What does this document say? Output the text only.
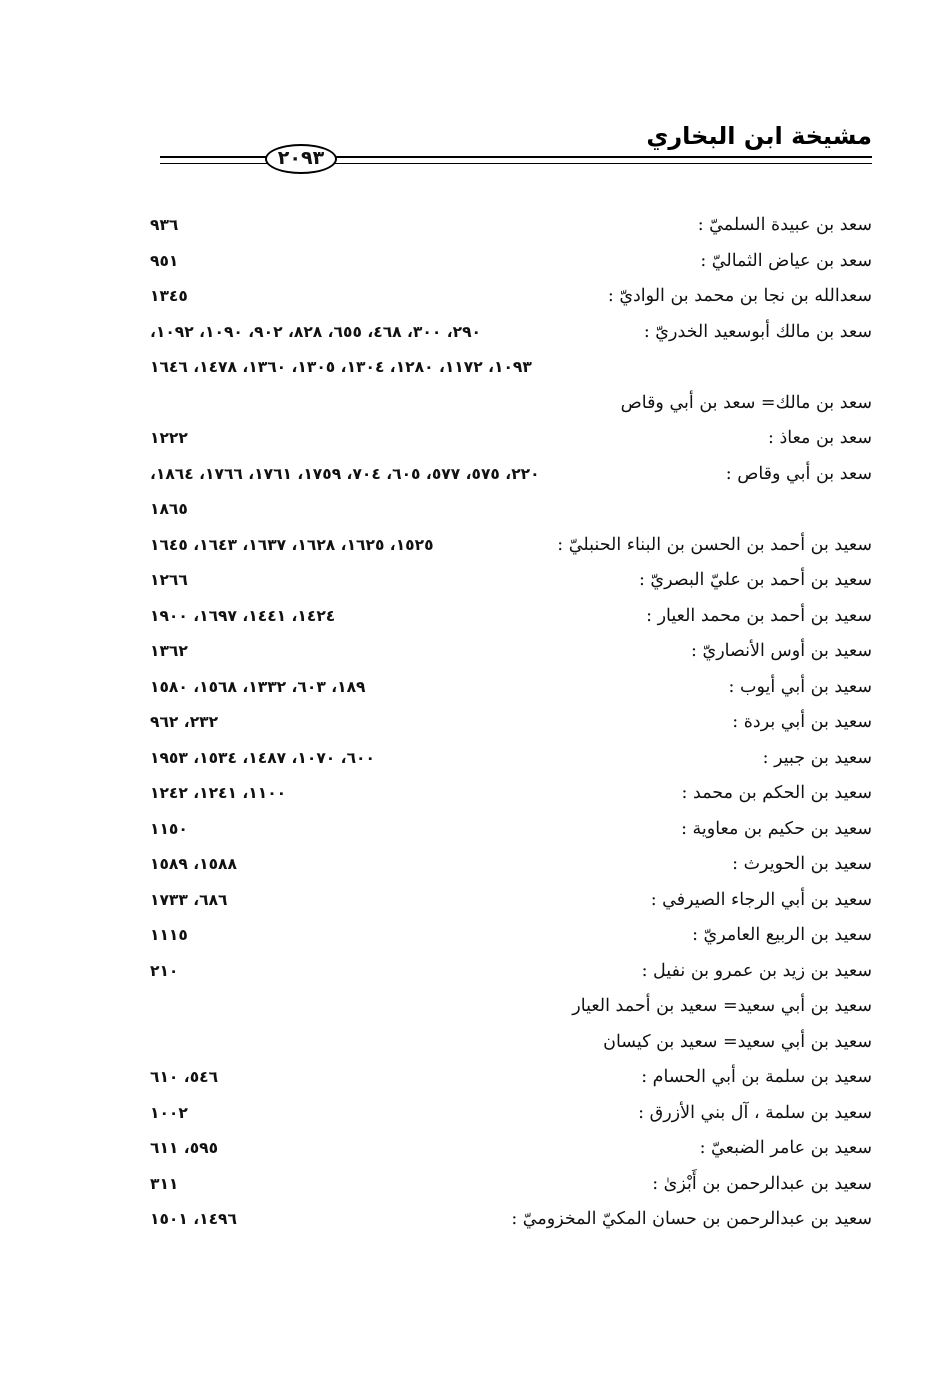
مشيخة ابن البخاري
٢٠٩٣
سعد بن عبيدة السلميّ :
٩٣٦
سعد بن عياض الثماليّ :
٩٥١
سعدالله بن نجا بن محمد بن الواديّ :
١٣٤٥
سعد بن مالك أبوسعيد الخدريّ :
٢٩٠، ٣٠٠، ٤٦٨، ٦٥٥، ٨٢٨، ٩٠٢، ١٠٩٠، ١٠٩٢،
١٠٩٣، ١١٧٢، ١٢٨٠، ١٣٠٤، ١٣٠٥، ١٣٦٠، ١٤٧٨، ١٦٤٦
سعد بن مالك= سعد بن أبي وقاص
سعد بن معاذ :
١٢٢٢
سعد بن أبي وقاص :
٢٢٠، ٥٧٥، ٥٧٧، ٦٠٥، ٧٠٤، ١٧٥٩، ١٧٦١، ١٧٦٦، ١٨٦٤،
١٨٦٥
سعيد بن أحمد بن الحسن بن البناء الحنبليّ :
١٥٢٥، ١٦٢٥، ١٦٢٨، ١٦٣٧، ١٦٤٣، ١٦٤٥
سعيد بن أحمد بن عليّ البصريّ :
١٢٦٦
سعيد بن أحمد بن محمد العيار :
١٤٢٤، ١٤٤١، ١٦٩٧، ١٩٠٠
سعيد بن أوس الأنصاريّ :
١٣٦٢
سعيد بن أبي أيوب :
١٨٩، ٦٠٣، ١٣٣٢، ١٥٦٨، ١٥٨٠
سعيد بن أبي بردة :
٢٣٢، ٩٦٢
سعيد بن جبير :
٦٠٠، ١٠٧٠، ١٤٨٧، ١٥٣٤، ١٩٥٣
سعيد بن الحكم بن محمد :
١١٠٠، ١٢٤١، ١٢٤٢
سعيد بن حكيم بن معاوية :
١١٥٠
سعيد بن الحويرث :
١٥٨٨، ١٥٨٩
سعيد بن أبي الرجاء الصيرفي :
٦٨٦، ١٧٣٣
سعيد بن الربيع العامريّ :
١١١٥
سعيد بن زيد بن عمرو بن نفيل :
٢١٠
سعيد بن أبي سعيد= سعيد بن أحمد العيار
سعيد بن أبي سعيد= سعيد بن كيسان
سعيد بن سلمة بن أبي الحسام :
٥٤٦، ٦١٠
سعيد بن سلمة ، آل بني الأزرق :
١٠٠٢
سعيد بن عامر الضبعيّ :
٥٩٥، ٦١١
سعيد بن عبدالرحمن بن أَبْزىٰ :
٣١١
سعيد بن عبدالرحمن بن حسان المكيّ المخزوميّ :
١٤٩٦، ١٥٠١
